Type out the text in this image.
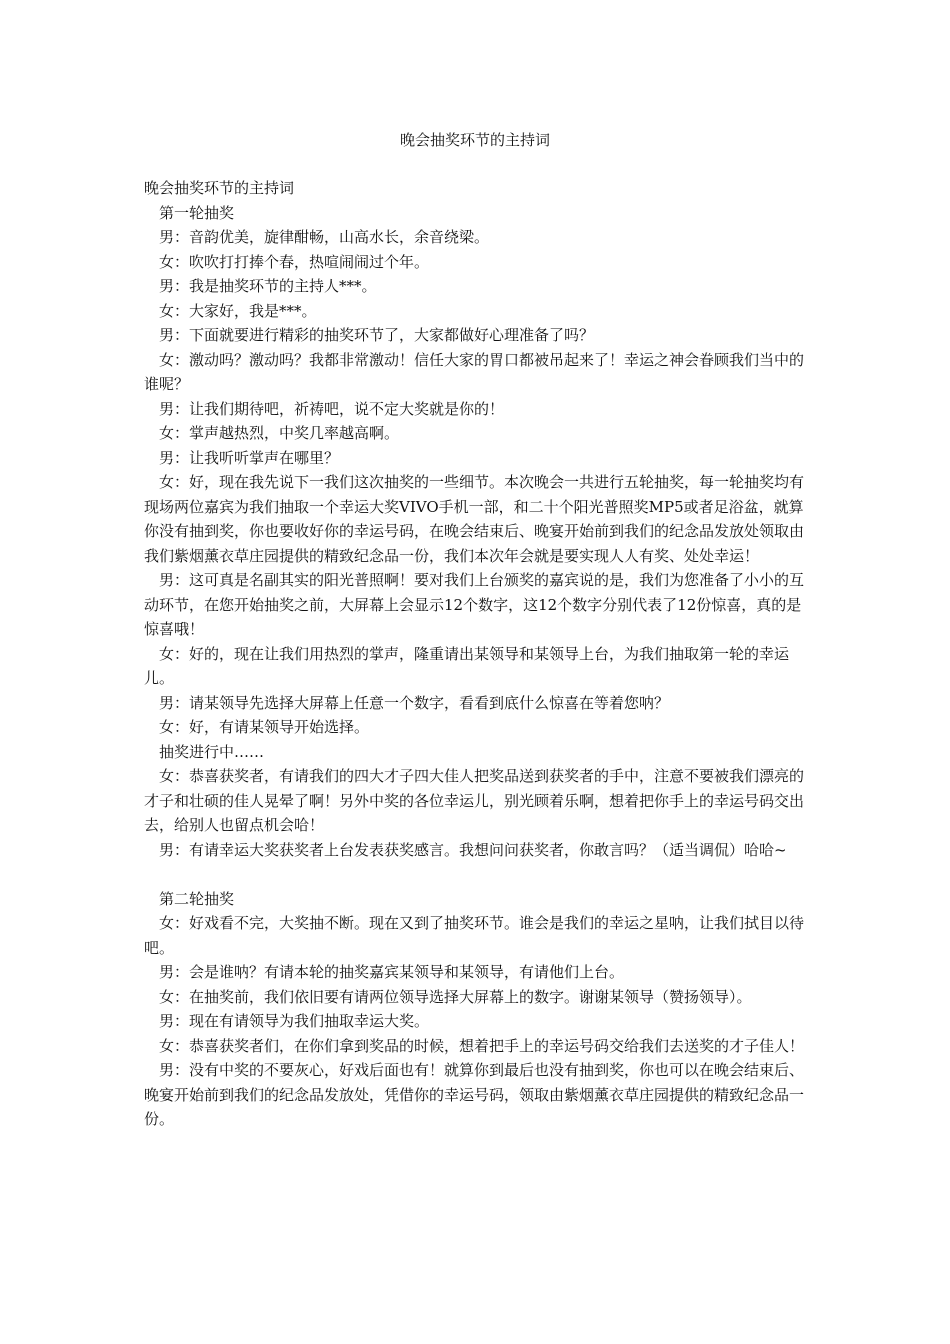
晚会抽奖环节的主持词

晚会抽奖环节的主持词

第一轮抽奖

男：音韵优美，旋律酣畅，山高水长，余音绕梁。

女：吹吹打打捧个春，热喧闹闹过个年。

男：我是抽奖环节的主持人***。

女：大家好，我是***。

男：下面就要进行精彩的抽奖环节了，大家都做好心理准备了吗？

女：激动吗？激动吗？我都非常激动！信任大家的胃口都被吊起来了！幸运之神会眷顾我们当中的谁呢？

男：让我们期待吧，祈祷吧，说不定大奖就是你的！

女：掌声越热烈，中奖几率越高啊。

男：让我听听掌声在哪里？

女：好，现在我先说下一我们这次抽奖的一些细节。本次晚会一共进行五轮抽奖，每一轮抽奖均有现场两位嘉宾为我们抽取一个幸运大奖VIVO手机一部，和二十个阳光普照奖MP5或者足浴盆，就算你没有抽到奖，你也要收好你的幸运号码，在晚会结束后、晚宴开始前到我们的纪念品发放处领取由我们紫烟薰衣草庄园提供的精致纪念品一份，我们本次年会就是要实现人人有奖、处处幸运！

男：这可真是名副其实的阳光普照啊！要对我们上台颁奖的嘉宾说的是，我们为您准备了小小的互动环节，在您开始抽奖之前，大屏幕上会显示12个数字，这12个数字分别代表了12份惊喜，真的是惊喜哦！

女：好的，现在让我们用热烈的掌声，隆重请出某领导和某领导上台，为我们抽取第一轮的幸运儿。

男：请某领导先选择大屏幕上任意一个数字，看看到底什么惊喜在等着您呐？

女：好，有请某领导开始选择。

抽奖进行中……

女：恭喜获奖者，有请我们的四大才子四大佳人把奖品送到获奖者的手中，注意不要被我们漂亮的才子和壮硕的佳人晃晕了啊！另外中奖的各位幸运儿，别光顾着乐啊，想着把你手上的幸运号码交出去，给别人也留点机会哈！

男：有请幸运大奖获奖者上台发表获奖感言。我想问问获奖者，你敢言吗？（适当调侃）哈哈~

第二轮抽奖

女：好戏看不完，大奖抽不断。现在又到了抽奖环节。谁会是我们的幸运之星呐，让我们拭目以待吧。

男：会是谁呐？有请本轮的抽奖嘉宾某领导和某领导，有请他们上台。

女：在抽奖前，我们依旧要有请两位领导选择大屏幕上的数字。谢谢某领导（赞扬领导）。

男：现在有请领导为我们抽取幸运大奖。

女：恭喜获奖者们，在你们拿到奖品的时候，想着把手上的幸运号码交给我们去送奖的才子佳人！

男：没有中奖的不要灰心，好戏后面也有！就算你到最后也没有抽到奖，你也可以在晚会结束后、晚宴开始前到我们的纪念品发放处，凭借你的幸运号码，领取由紫烟薰衣草庄园提供的精致纪念品一份。
